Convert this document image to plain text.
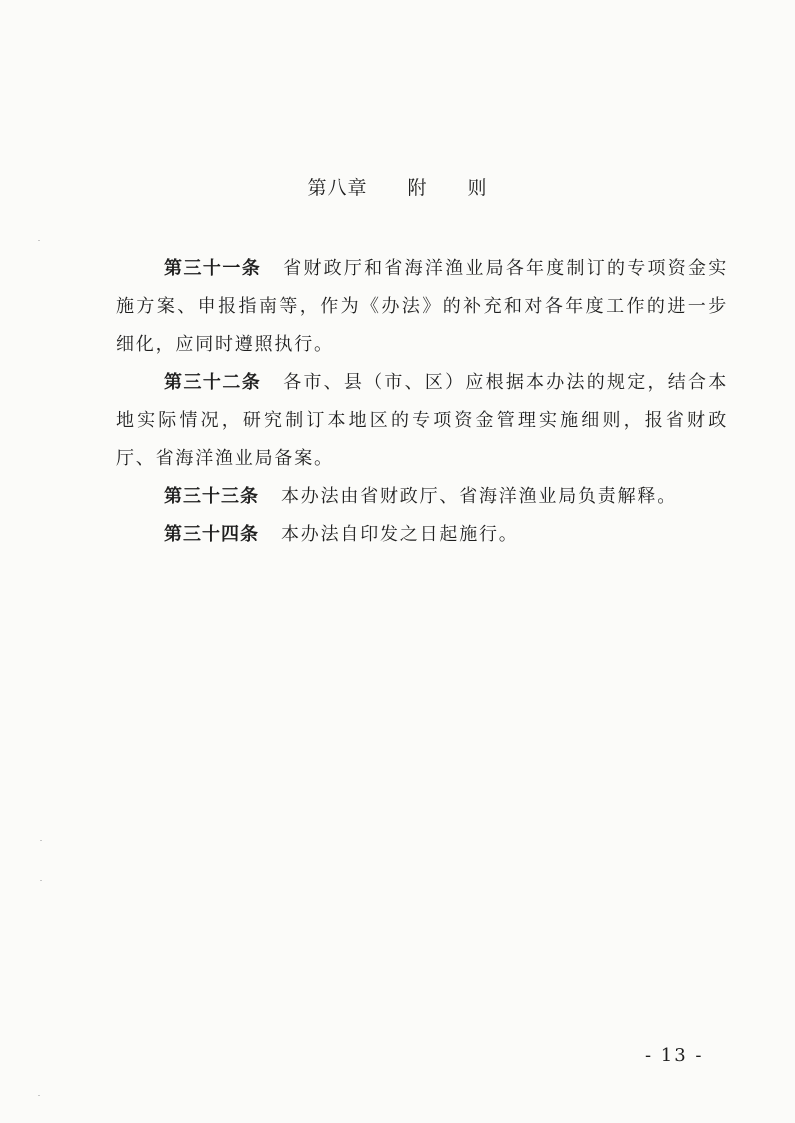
第八章　　附　　则

第三十一条 省财政厅和省海洋渔业局各年度制订的专项资金实施方案、申报指南等，作为《办法》的补充和对各年度工作的进一步细化，应同时遵照执行。

第三十二条 各市、县（市、区）应根据本办法的规定，结合本地实际情况，研究制订本地区的专项资金管理实施细则，报省财政厅、省海洋渔业局备案。

第三十三条 本办法由省财政厅、省海洋渔业局负责解释。

第三十四条 本办法自印发之日起施行。

- 13 -
